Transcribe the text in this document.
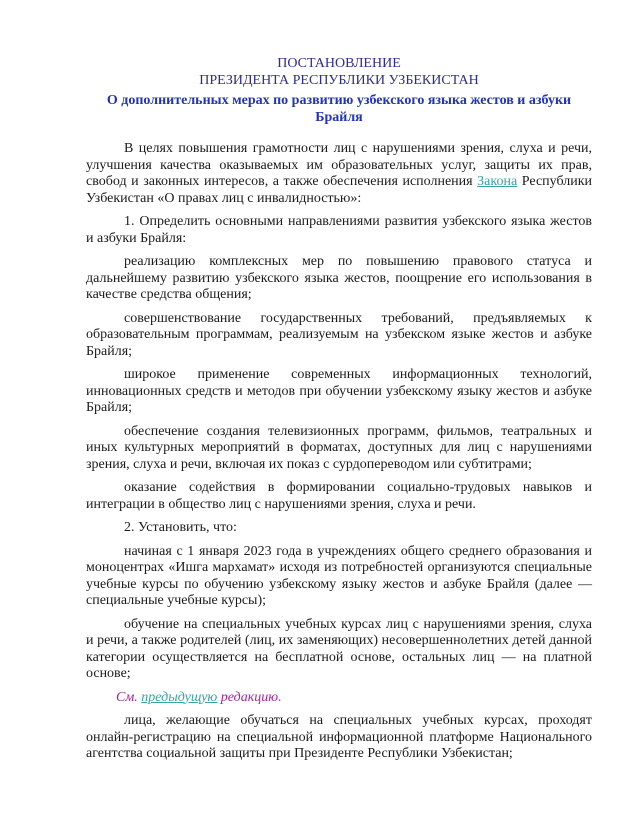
ПОСТАНОВЛЕНИЕ
ПРЕЗИДЕНТА РЕСПУБЛИКИ УЗБЕКИСТАН
О дополнительных мерах по развитию узбекского языка жестов и азбуки Брайля

В целях повышения грамотности лиц с нарушениями зрения, слуха и речи, улучшения качества оказываемых им образовательных услуг, защиты их прав, свобод и законных интересов, а также обеспечения исполнения Закона Республики Узбекистан «О правах лиц с инвалидностью»:

1. Определить основными направлениями развития узбекского языка жестов и азбуки Брайля:

реализацию комплексных мер по повышению правового статуса и дальнейшему развитию узбекского языка жестов, поощрение его использования в качестве средства общения;

совершенствование государственных требований, предъявляемых к образовательным программам, реализуемым на узбекском языке жестов и азбуке Брайля;

широкое применение современных информационных технологий, инновационных средств и методов при обучении узбекскому языку жестов и азбуке Брайля;

обеспечение создания телевизионных программ, фильмов, театральных и иных культурных мероприятий в форматах, доступных для лиц с нарушениями зрения, слуха и речи, включая их показ с сурдопереводом или субтитрами;

оказание содействия в формировании социально-трудовых навыков и интеграции в общество лиц с нарушениями зрения, слуха и речи.

2. Установить, что:

начиная с 1 января 2023 года в учреждениях общего среднего образования и моноцентрах «Ишга мархамат» исходя из потребностей организуются специальные учебные курсы по обучению узбекскому языку жестов и азбуке Брайля (далее — специальные учебные курсы);

обучение на специальных учебных курсах лиц с нарушениями зрения, слуха и речи, а также родителей (лиц, их заменяющих) несовершеннолетних детей данной категории осуществляется на бесплатной основе, остальных лиц — на платной основе;

См. предыдущую редакцию.

лица, желающие обучаться на специальных учебных курсах, проходят онлайн-регистрацию на специальной информационной платформе Национального агентства социальной защиты при Президенте Республики Узбекистан;
